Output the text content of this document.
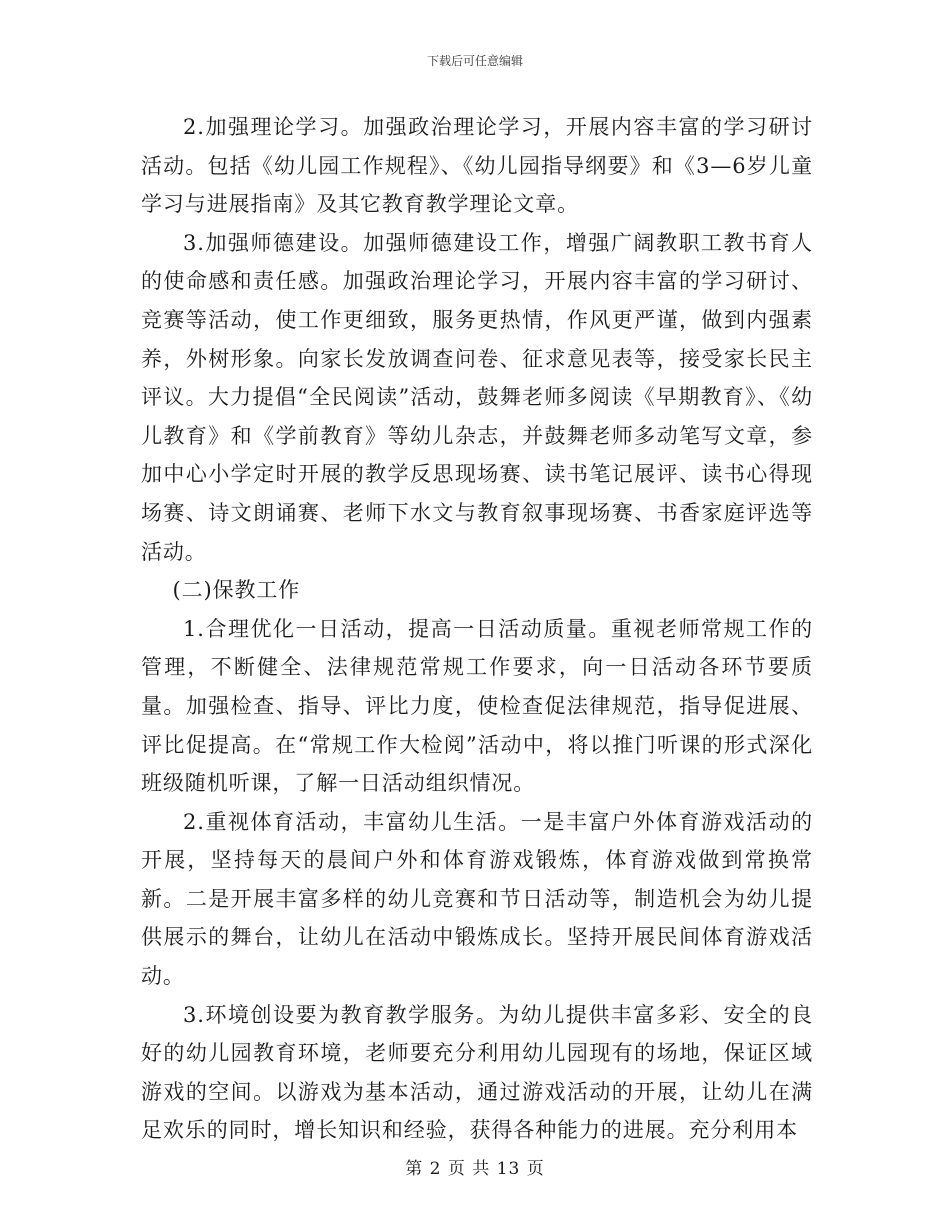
下载后可任意编辑

2.加强理论学习。加强政治理论学习，开展内容丰富的学习研讨活动。包括《幼儿园工作规程》、《幼儿园指导纲要》和《3—6岁儿童学习与进展指南》及其它教育教学理论文章。

3.加强师德建设。加强师德建设工作，增强广阔教职工教书育人的使命感和责任感。加强政治理论学习，开展内容丰富的学习研讨、竞赛等活动，使工作更细致，服务更热情，作风更严谨，做到内强素养，外树形象。向家长发放调查问卷、征求意见表等，接受家长民主评议。大力提倡“全民阅读”活动，鼓舞老师多阅读《早期教育》、《幼儿教育》和《学前教育》等幼儿杂志，并鼓舞老师多动笔写文章，参加中心小学定时开展的教学反思现场赛、读书笔记展评、读书心得现场赛、诗文朗诵赛、老师下水文与教育叙事现场赛、书香家庭评选等活动。

(二)保教工作

1.合理优化一日活动，提高一日活动质量。重视老师常规工作的管理，不断健全、法律规范常规工作要求，向一日活动各环节要质量。加强检查、指导、评比力度，使检查促法律规范，指导促进展、评比促提高。在“常规工作大检阅”活动中，将以推门听课的形式深化班级随机听课，了解一日活动组织情况。

2.重视体育活动，丰富幼儿生活。一是丰富户外体育游戏活动的开展，坚持每天的晨间户外和体育游戏锻炼，体育游戏做到常换常新。二是开展丰富多样的幼儿竞赛和节日活动等，制造机会为幼儿提供展示的舞台，让幼儿在活动中锻炼成长。坚持开展民间体育游戏活动。

3.环境创设要为教育教学服务。为幼儿提供丰富多彩、安全的良好的幼儿园教育环境，老师要充分利用幼儿园现有的场地，保证区域游戏的空间。以游戏为基本活动，通过游戏活动的开展，让幼儿在满足欢乐的同时，增长知识和经验，获得各种能力的进展。充分利用本

第 2 页 共 13 页
